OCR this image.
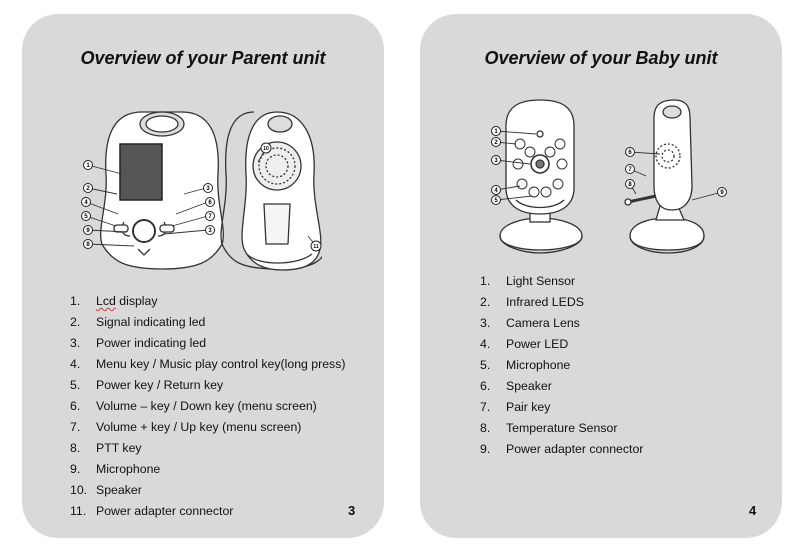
Overview of your Parent unit
1
2
4
5
9
8
3
6
7
3
10
11
1. Lcd display
2. Signal indicating led
3. Power indicating led
4. Menu key / Music play control key(long press)
5. Power key / Return key
6. Volume – key / Down key (menu screen)
7. Volume + key / Up key (menu screen)
8. PTT key
9. Microphone
10. Speaker
11. Power adapter connector	3
Overview of your Baby unit
1
2
3
4
5
6
7
8
9
1. Light Sensor
2. Infrared LEDS
3. Camera Lens
4. Power LED
5. Microphone
6. Speaker
7. Pair key
8. Temperature Sensor
9. Power adapter connector
4
